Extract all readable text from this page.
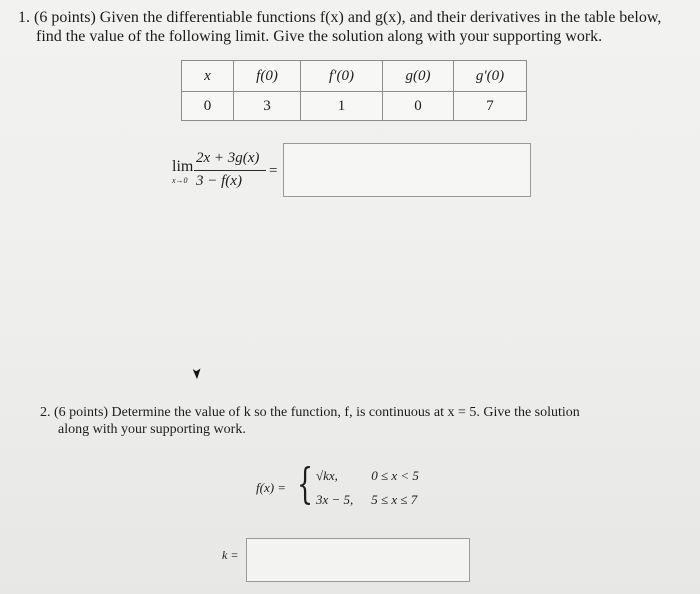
1. (6 points) Given the differentiable functions f(x) and g(x), and their derivatives in the table below,
find the value of the following limit. Give the solution along with your supporting work.
x	f(0)	f′(0)	g(0)	g′(0)
0	3	1	0	7
lim
x→0
2x + 3g(x)
3 − f(x)
=
2. (6 points) Determine the value of k so the function, f, is continuous at x = 5. Give the solution
along with your supporting work.
f(x) = { √kx,	0 ≤ x < 5
3x − 5, 5 ≤ x ≤ 7
k =
